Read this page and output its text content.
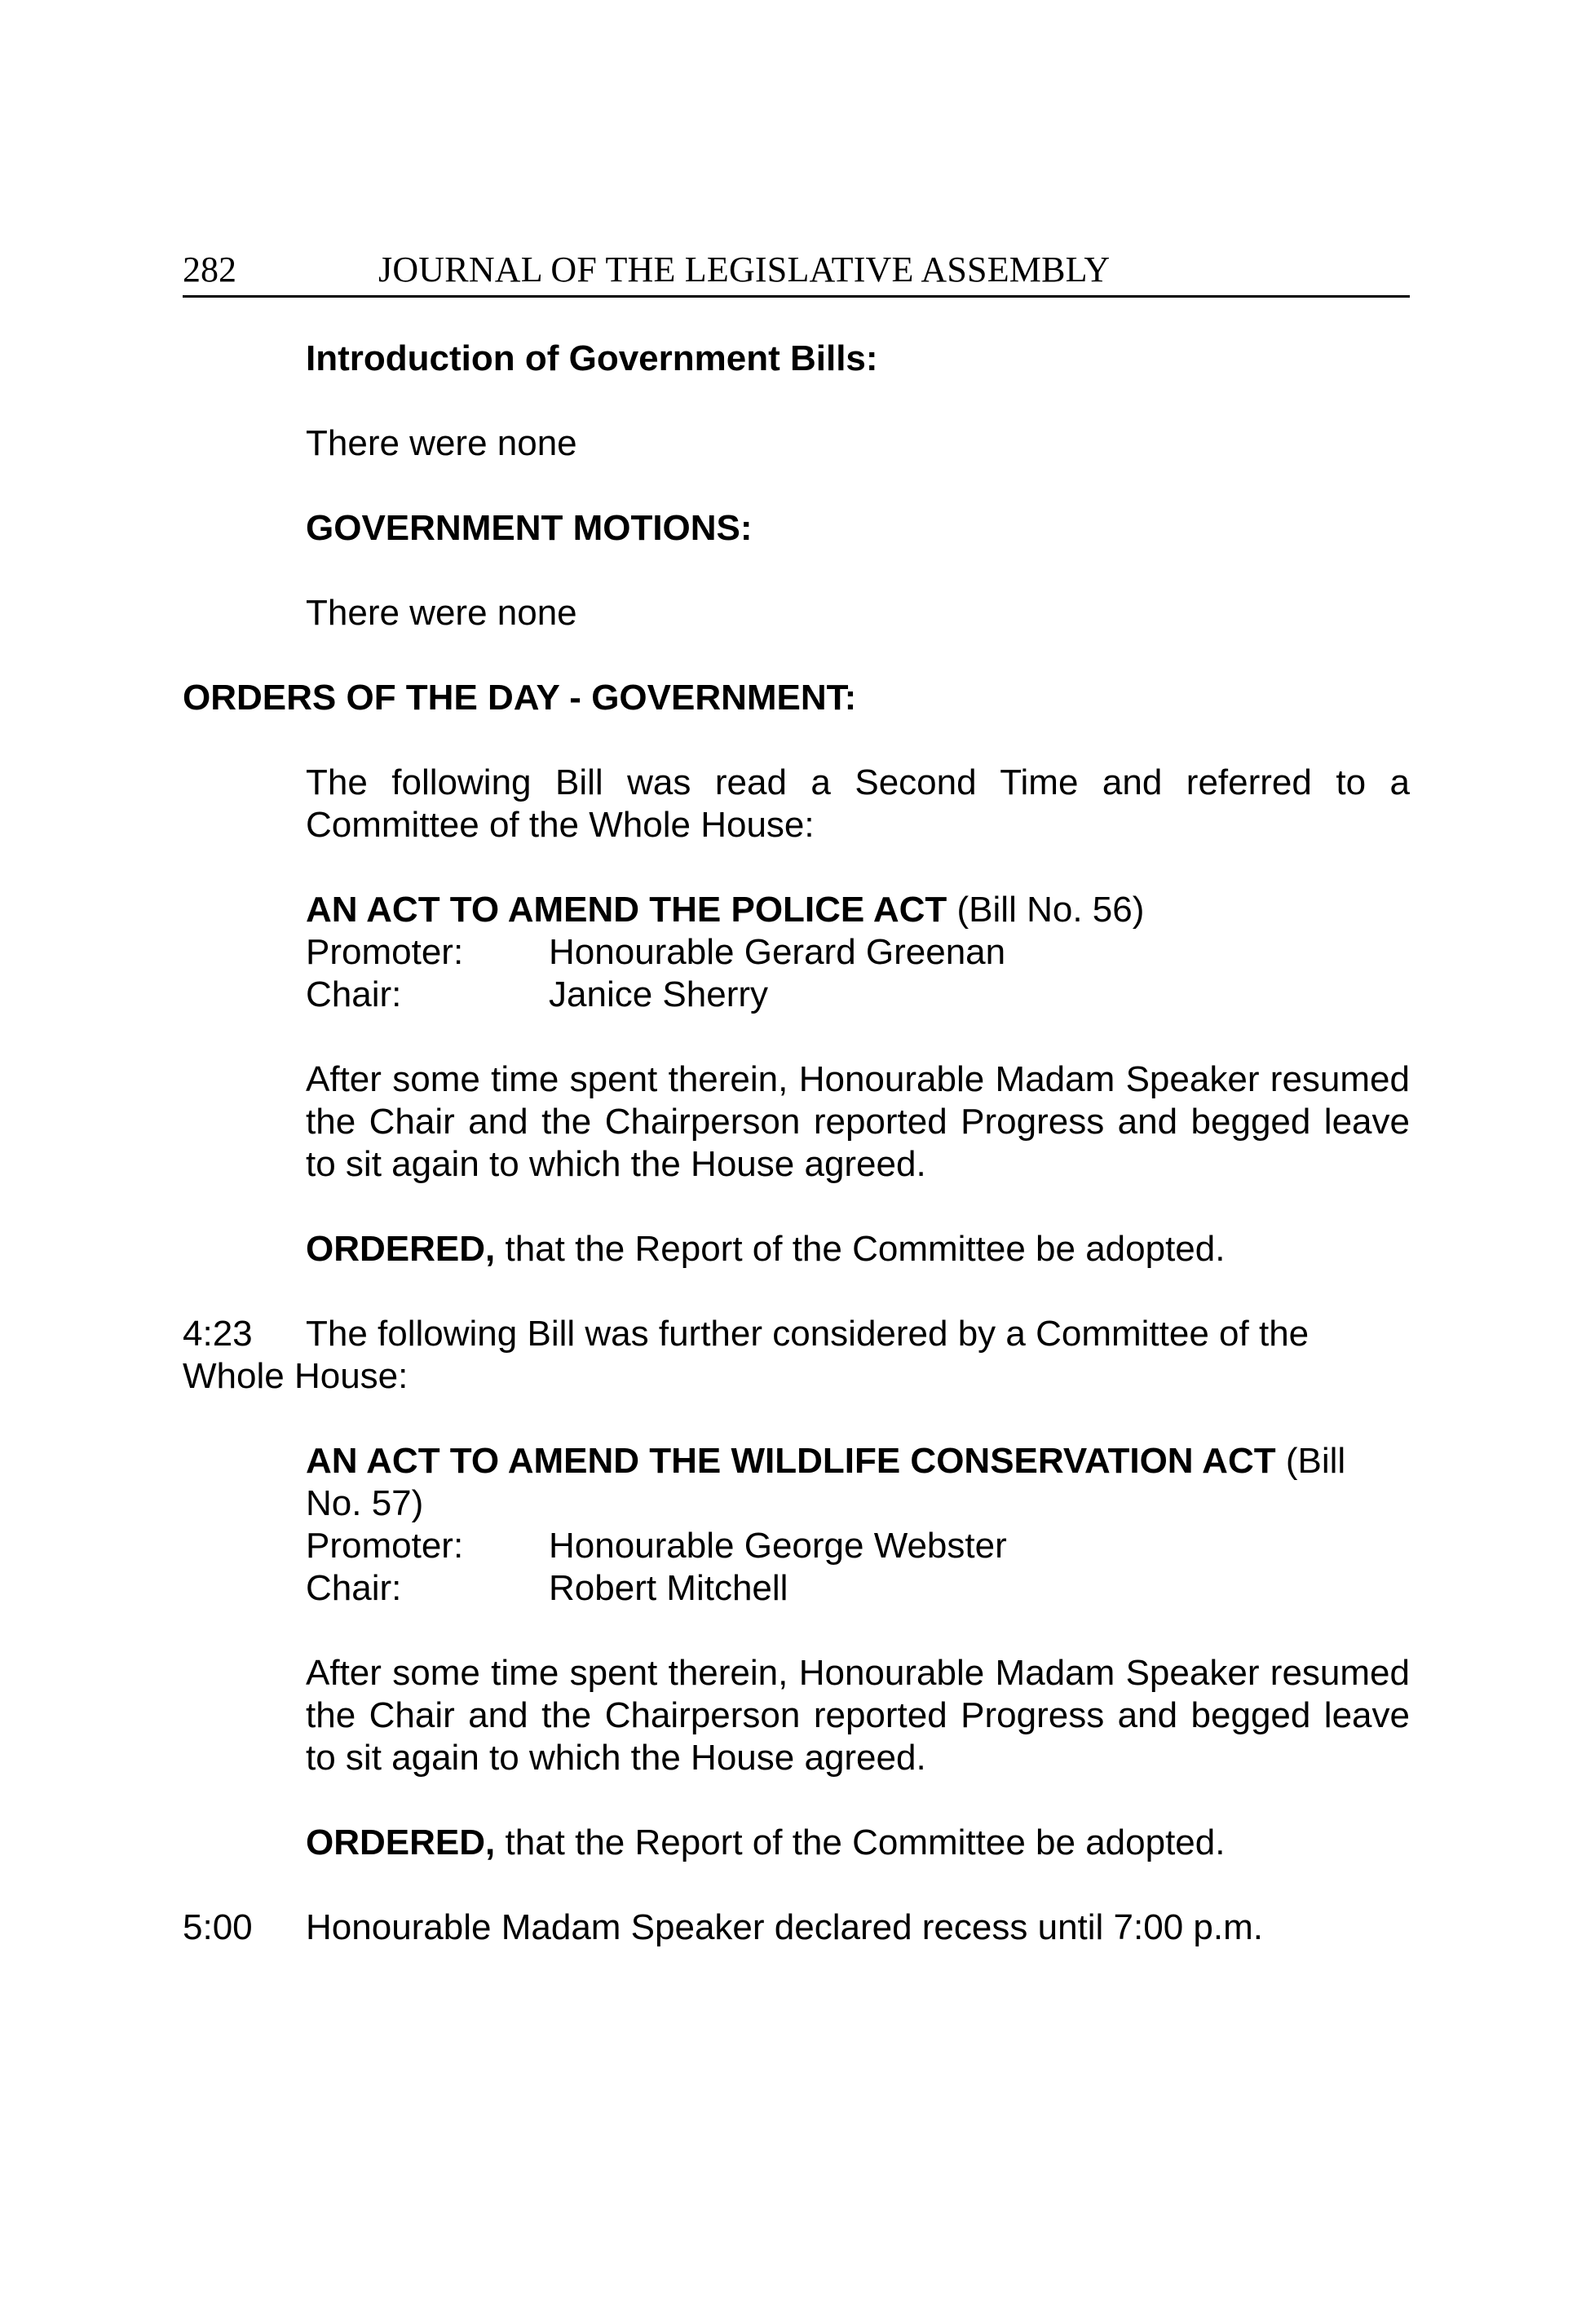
282	JOURNAL OF THE LEGISLATIVE ASSEMBLY

Introduction of Government Bills:

There were none

GOVERNMENT MOTIONS:

There were none

ORDERS OF THE DAY - GOVERNMENT:

The following Bill was read a Second Time and referred to a Committee of the Whole House:

AN ACT TO AMEND THE POLICE ACT (Bill No. 56)
Promoter: Honourable Gerard Greenan
Chair:	Janice Sherry

After some time spent therein, Honourable Madam Speaker resumed the Chair and the Chairperson reported Progress and begged leave to sit again to which the House agreed.

ORDERED, that the Report of the Committee be adopted.

4:23 The following Bill was further considered by a Committee of the
Whole House:
AN ACT TO AMEND THE WILDLIFE CONSERVATION ACT (Bill
No. 57)
Promoter: Honourable George Webster
Chair:	Robert Mitchell

After some time spent therein, Honourable Madam Speaker resumed the Chair and the Chairperson reported Progress and begged leave to sit again to which the House agreed.

ORDERED, that the Report of the Committee be adopted.

5:00 Honourable Madam Speaker declared recess until 7:00 p.m.
